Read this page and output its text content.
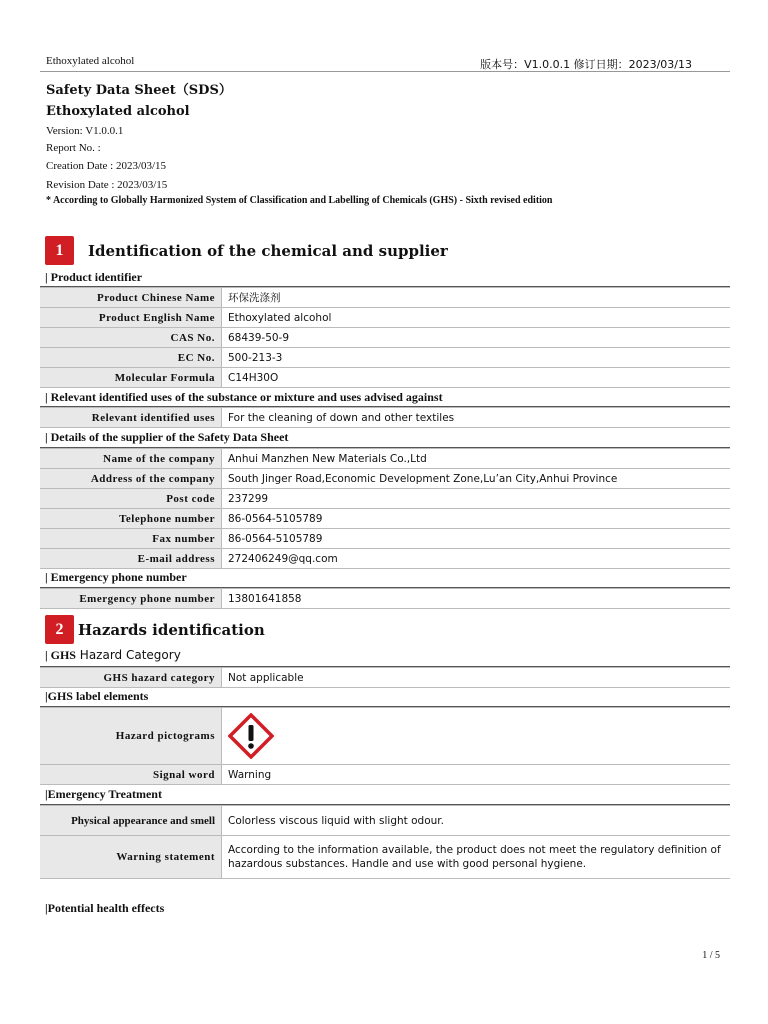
Ethoxylated alcohol	版本号：V1.0.0.1 修订日期：2023/03/13
Safety Data Sheet（SDS）
Ethoxylated alcohol
Version: V1.0.0.1
Report No. :
Creation Date : 2023/03/15
Revision Date : 2023/03/15
* According to Globally Harmonized System of Classification and Labelling of Chemicals (GHS) - Sixth revised edition
1	Identification of the chemical and supplier
| Product identifier
Product Chinese Name	环保洗涤剂
Product English Name	Ethoxylated alcohol
CAS No.	68439-50-9
EC No.	500-213-3
Molecular Formula	C14H30O
| Relevant identified uses of the substance or mixture and uses advised against
Relevant identified uses	For the cleaning of down and other textiles
| Details of the supplier of the Safety Data Sheet
Name of the company	Anhui Manzhen New Materials Co.,Ltd
Address of the company	South Jinger Road,Economic Development Zone,Lu’an City,Anhui Province
Post code	237299
Telephone number	86-0564-5105789
Fax number	86-0564-5105789
E-mail address	272406249@qq.com
| Emergency phone number
Emergency phone number	13801641858
2 Hazards identification
| GHS Hazard Category
GHS hazard category	Not applicable
|GHS label elements
Hazard pictograms	

Signal word	Warning
|Emergency Treatment
Physical appearance and smell	Colorless viscous liquid with slight odour.
Warning statement	According to the information available, the product does not meet the regulatory definition of hazardous substances. Handle and use with good personal hygiene.
|Potential health effects
1 / 5
